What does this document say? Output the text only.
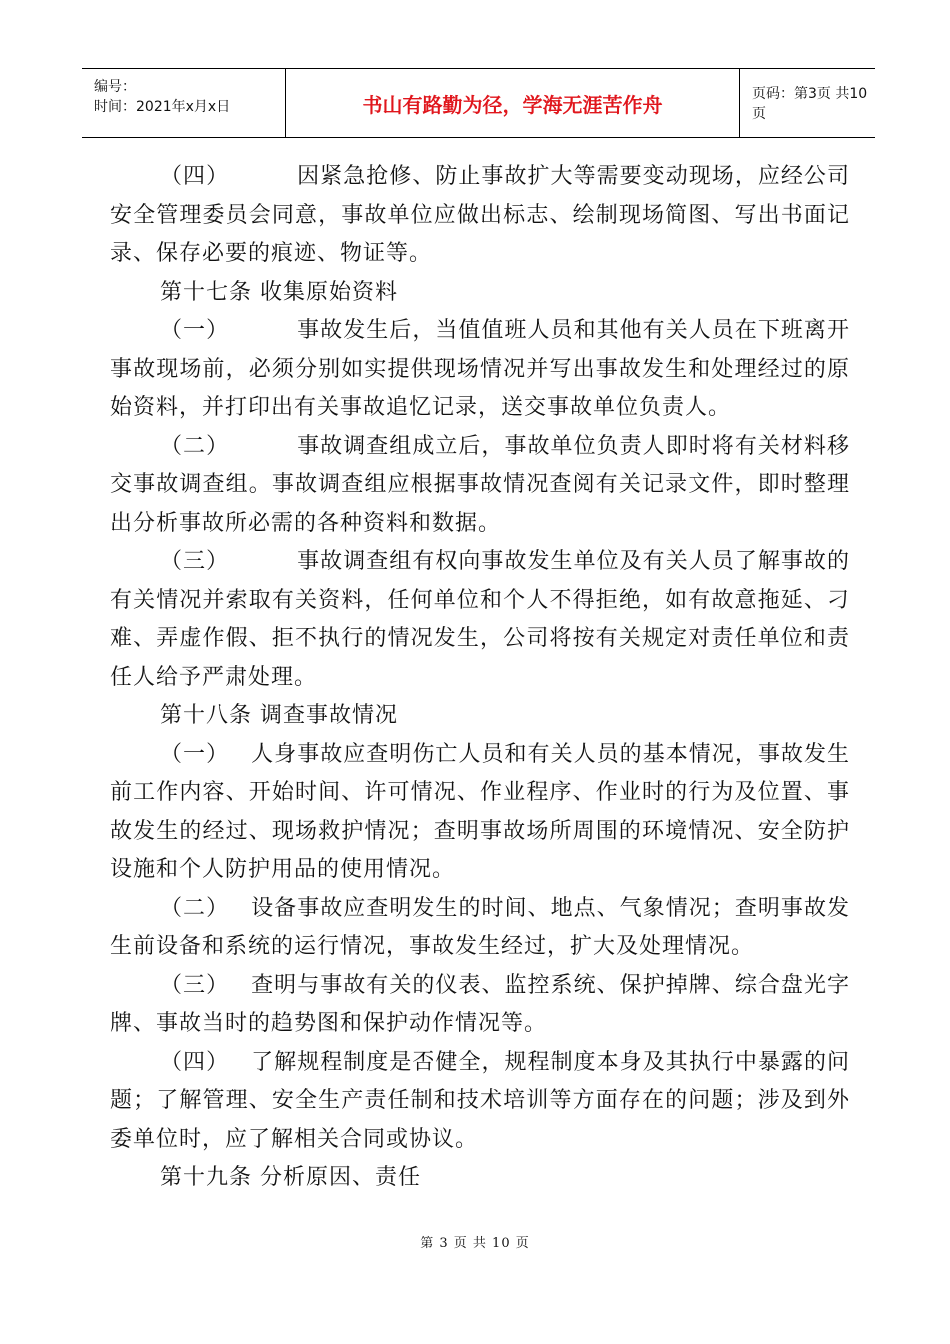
编号：
时间：2021年x月x日	书山有路勤为径，学海无涯苦作舟	页码：第3页 共10页

（四）	因紧急抢修、防止事故扩大等需要变动现场，应经公司安全管理委员会同意，事故单位应做出标志、绘制现场简图、写出书面记录、保存必要的痕迹、物证等。

第十七条 收集原始资料

（一）	事故发生后，当值值班人员和其他有关人员在下班离开事故现场前，必须分别如实提供现场情况并写出事故发生和处理经过的原始资料，并打印出有关事故追忆记录，送交事故单位负责人。

（二）	事故调查组成立后，事故单位负责人即时将有关材料移交事故调查组。事故调查组应根据事故情况查阅有关记录文件，即时整理出分析事故所必需的各种资料和数据。

（三）	事故调查组有权向事故发生单位及有关人员了解事故的有关情况并索取有关资料，任何单位和个人不得拒绝，如有故意拖延、刁难、弄虚作假、拒不执行的情况发生，公司将按有关规定对责任单位和责任人给予严肃处理。

第十八条 调查事故情况

（一） 人身事故应查明伤亡人员和有关人员的基本情况，事故发生前工作内容、开始时间、许可情况、作业程序、作业时的行为及位置、事故发生的经过、现场救护情况；查明事故场所周围的环境情况、安全防护设施和个人防护用品的使用情况。

（二） 设备事故应查明发生的时间、地点、气象情况；查明事故发生前设备和系统的运行情况，事故发生经过，扩大及处理情况。

（三） 查明与事故有关的仪表、监控系统、保护掉牌、综合盘光字牌、事故当时的趋势图和保护动作情况等。

（四） 了解规程制度是否健全，规程制度本身及其执行中暴露的问题；了解管理、安全生产责任制和技术培训等方面存在的问题；涉及到外委单位时，应了解相关合同或协议。

第十九条 分析原因、责任

第 3 页 共 10 页
